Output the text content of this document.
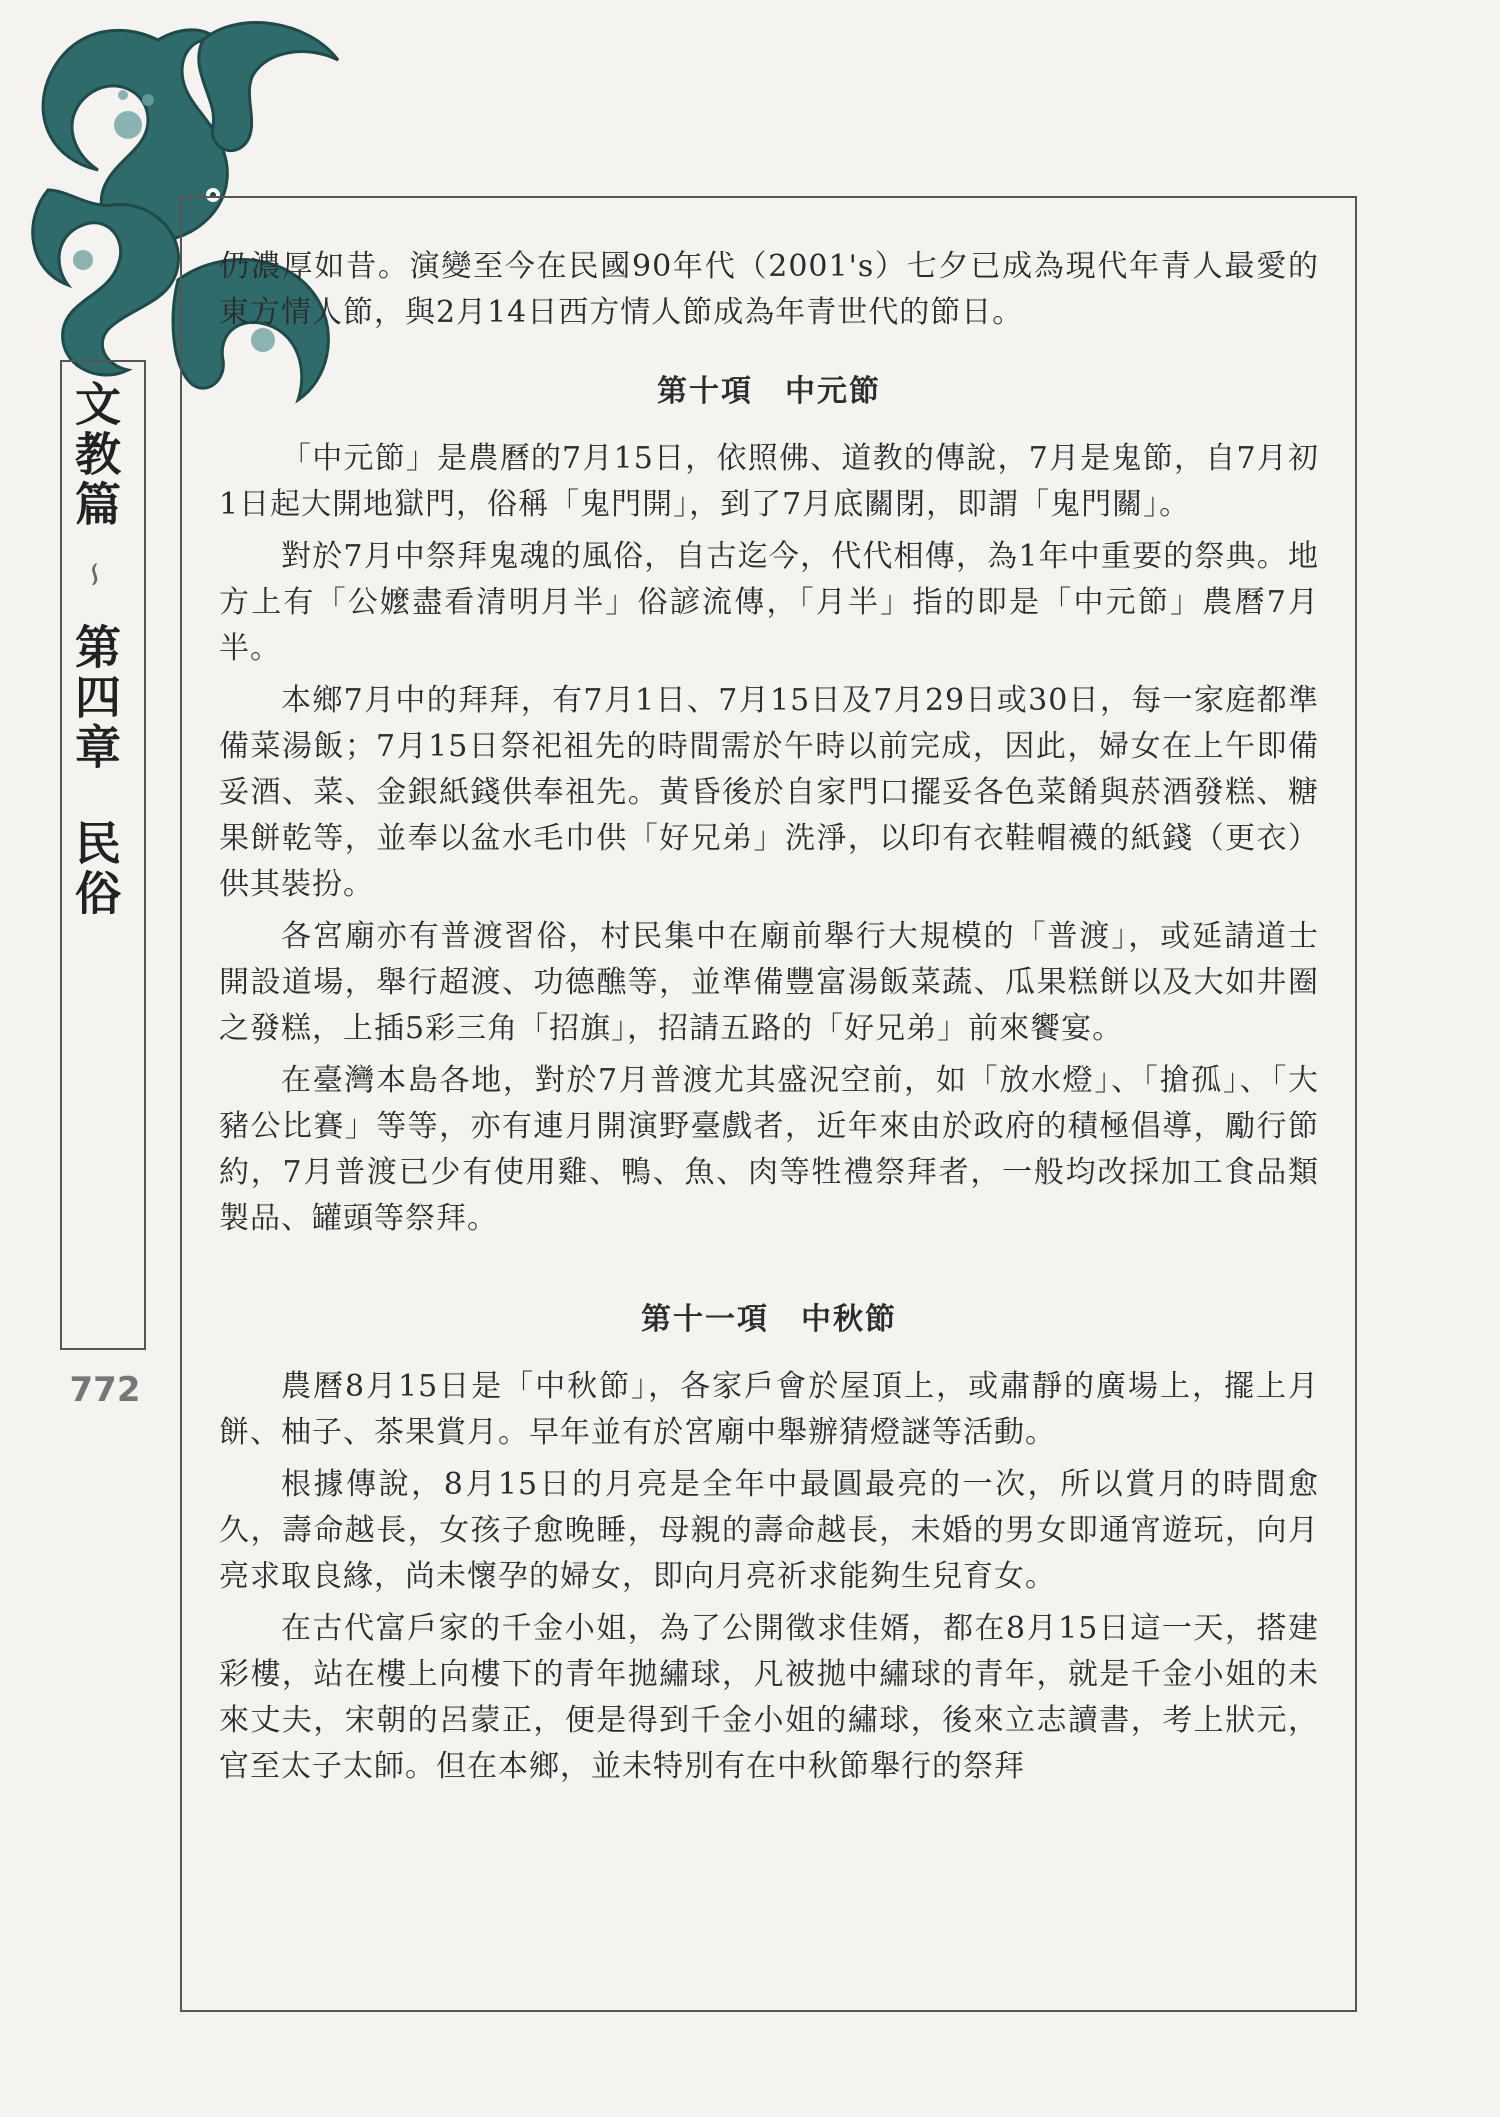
文教篇 ∽ 第四章 民俗
772

仍濃厚如昔。演變至今在民國90年代（2001's）七夕已成為現代年青人最愛的東方情人節，與2月14日西方情人節成為年青世代的節日。

第十項　中元節

「中元節」是農曆的7月15日，依照佛、道教的傳說，7月是鬼節，自7月初1日起大開地獄門，俗稱「鬼門開」，到了7月底關閉，即謂「鬼門關」。

對於7月中祭拜鬼魂的風俗，自古迄今，代代相傳，為1年中重要的祭典。地方上有「公嬤盡看清明月半」俗諺流傳，「月半」指的即是「中元節」農曆7月半。

本鄉7月中的拜拜，有7月1日、7月15日及7月29日或30日，每一家庭都準備菜湯飯；7月15日祭祀祖先的時間需於午時以前完成，因此，婦女在上午即備妥酒、菜、金銀紙錢供奉祖先。黃昏後於自家門口擺妥各色菜餚與菸酒發糕、糖果餅乾等，並奉以盆水毛巾供「好兄弟」洗淨，以印有衣鞋帽襪的紙錢（更衣）供其裝扮。

各宮廟亦有普渡習俗，村民集中在廟前舉行大規模的「普渡」，或延請道士開設道場，舉行超渡、功德醮等，並準備豐富湯飯菜蔬、瓜果糕餅以及大如井圈之發糕，上插5彩三角「招旗」，招請五路的「好兄弟」前來饗宴。

在臺灣本島各地，對於7月普渡尤其盛況空前，如「放水燈」、「搶孤」、「大豬公比賽」等等，亦有連月開演野臺戲者，近年來由於政府的積極倡導，勵行節約，7月普渡已少有使用雞、鴨、魚、肉等牲禮祭拜者，一般均改採加工食品類製品、罐頭等祭拜。

第十一項　中秋節

農曆8月15日是「中秋節」，各家戶會於屋頂上，或肅靜的廣場上，擺上月餅、柚子、茶果賞月。早年並有於宮廟中舉辦猜燈謎等活動。

根據傳說，8月15日的月亮是全年中最圓最亮的一次，所以賞月的時間愈久，壽命越長，女孩子愈晚睡，母親的壽命越長，未婚的男女即通宵遊玩，向月亮求取良緣，尚未懷孕的婦女，即向月亮祈求能夠生兒育女。

在古代富戶家的千金小姐，為了公開徵求佳婿，都在8月15日這一天，搭建彩樓，站在樓上向樓下的青年拋繡球，凡被拋中繡球的青年，就是千金小姐的未來丈夫，宋朝的呂蒙正，便是得到千金小姐的繡球，後來立志讀書，考上狀元，官至太子太師。但在本鄉，並未特別有在中秋節舉行的祭拜
